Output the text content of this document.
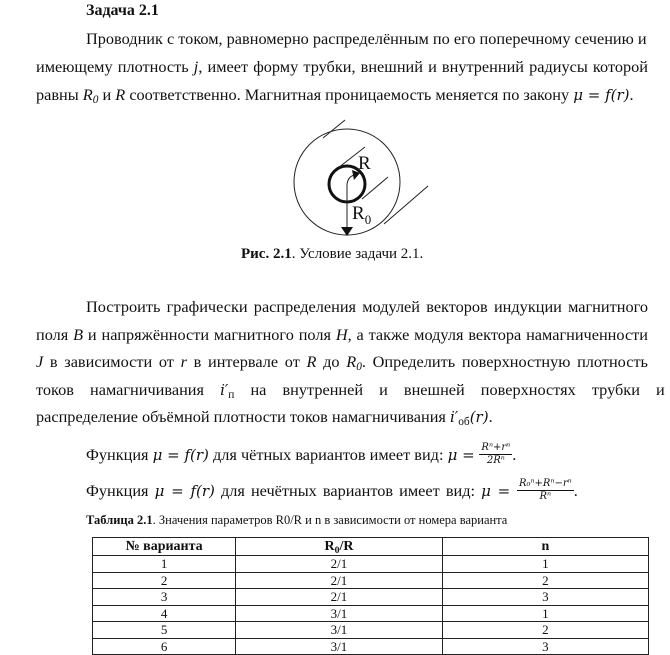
Задача 2.1
Проводник с током, равномерно распределённым по его поперечному сечению и
имеющему плотность j, имеет форму трубки, внешний и внутренний радиусы которой
равны $R_0$ и R соответственно. Магнитная проницаемость меняется по закону μ = f(r).
R
$R_0$
Рис. 2.1. Условие задачи 2.1.
Построить графически распределения модулей векторов индукции магнитного
поля B и напряжённости магнитного поля H, а также модуля вектора намагниченности
J в зависимости от r в интервале от R до $R_0$. Определить поверхностную плотность
токов намагничивания $i'_п$ на внутренней и внешней поверхностях трубки и
распределение объёмной плотности токов намагничивания $i'_{об}(r)$.
Функция μ = f(r) для чётных вариантов имеет вид: $\mu = \frac{\text{Rⁿ+rⁿ}}{\text{2Rⁿ}}$ .
Функция μ = f(r) для нечётных вариантов имеет вид: $\mu = \frac{\text{R₀ⁿ+Rⁿ−rⁿ}}{\text{Rⁿ}}$ .
Таблица 2.1. Значения параметров R0/R и n в зависимости от номера варианта
№ варианта	$R_0/R$	n
1	2/1	1
2	2/1	2
3	2/1	3
4	3/1	1
5	3/1	2
6	3/1	3
